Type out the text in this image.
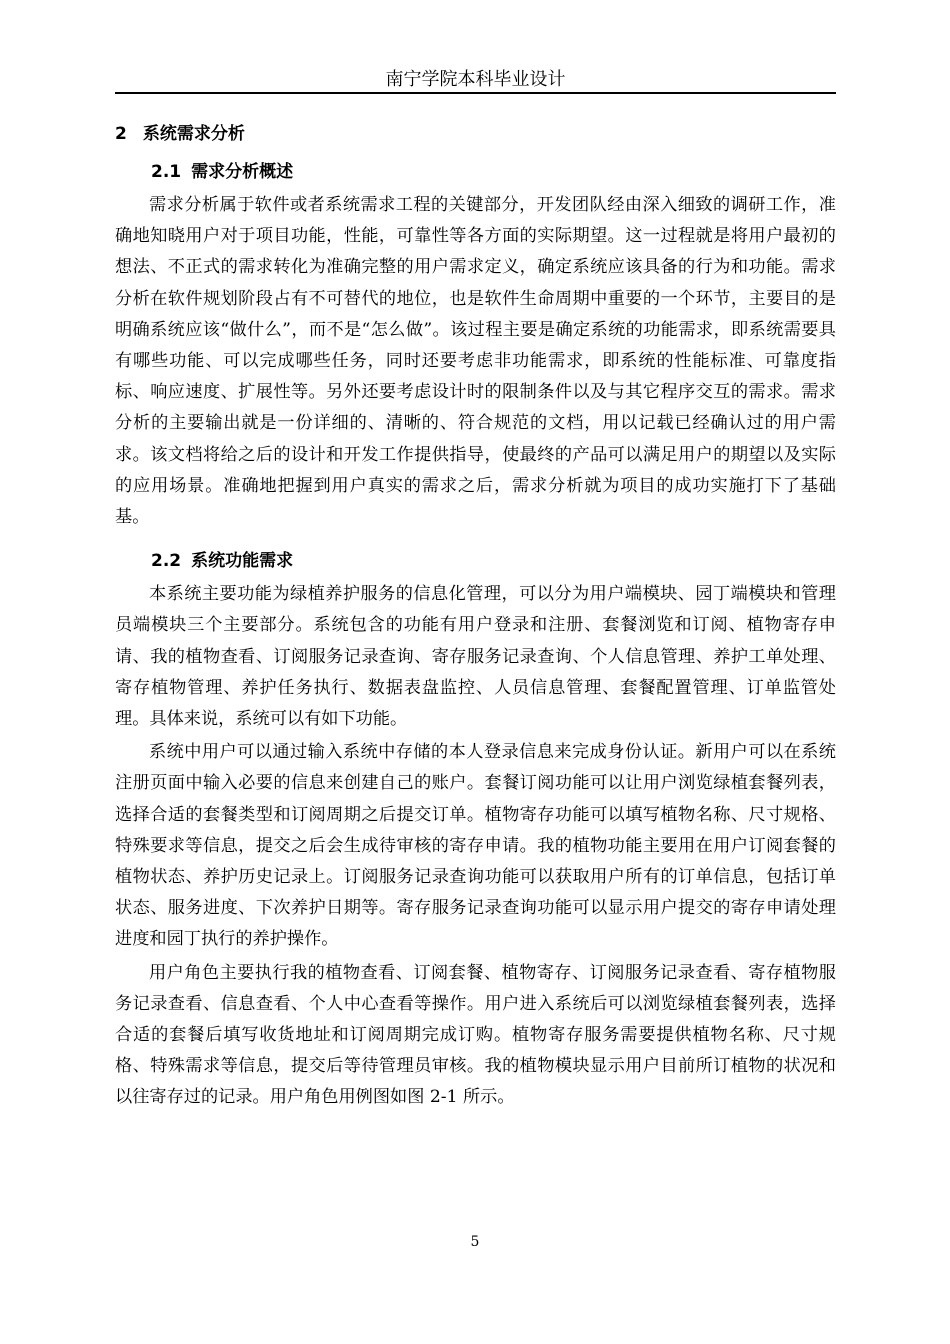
南宁学院本科毕业设计
2 系统需求分析
2.1 需求分析概述

需求分析属于软件或者系统需求工程的关键部分，开发团队经由深入细致的调研工作，准确地知晓用户对于项目功能，性能，可靠性等各方面的实际期望。这一过程就是将用户最初的想法、不正式的需求转化为准确完整的用户需求定义，确定系统应该具备的行为和功能。需求分析在软件规划阶段占有不可替代的地位，也是软件生命周期中重要的一个环节，主要目的是明确系统应该“做什么”，而不是“怎么做”。该过程主要是确定系统的功能需求，即系统需要具有哪些功能、可以完成哪些任务，同时还要考虑非功能需求，即系统的性能标准、可靠度指标、响应速度、扩展性等。另外还要考虑设计时的限制条件以及与其它程序交互的需求。需求分析的主要输出就是一份详细的、清晰的、符合规范的文档，用以记载已经确认过的用户需求。该文档将给之后的设计和开发工作提供指导，使最终的产品可以满足用户的期望以及实际的应用场景。准确地把握到用户真实的需求之后，需求分析就为项目的成功实施打下了基础基。

2.2 系统功能需求

本系统主要功能为绿植养护服务的信息化管理，可以分为用户端模块、园丁端模块和管理员端模块三个主要部分。系统包含的功能有用户登录和注册、套餐浏览和订阅、植物寄存申请、我的植物查看、订阅服务记录查询、寄存服务记录查询、个人信息管理、养护工单处理、寄存植物管理、养护任务执行、数据表盘监控、人员信息管理、套餐配置管理、订单监管处理。具体来说，系统可以有如下功能。

系统中用户可以通过输入系统中存储的本人登录信息来完成身份认证。新用户可以在系统注册页面中输入必要的信息来创建自己的账户。套餐订阅功能可以让用户浏览绿植套餐列表，选择合适的套餐类型和订阅周期之后提交订单。植物寄存功能可以填写植物名称、尺寸规格、特殊要求等信息，提交之后会生成待审核的寄存申请。我的植物功能主要用在用户订阅套餐的植物状态、养护历史记录上。订阅服务记录查询功能可以获取用户所有的订单信息，包括订单状态、服务进度、下次养护日期等。寄存服务记录查询功能可以显示用户提交的寄存申请处理进度和园丁执行的养护操作。

用户角色主要执行我的植物查看、订阅套餐、植物寄存、订阅服务记录查看、寄存植物服务记录查看、信息查看、个人中心查看等操作。用户进入系统后可以浏览绿植套餐列表，选择合适的套餐后填写收货地址和订阅周期完成订购。植物寄存服务需要提供植物名称、尺寸规格、特殊需求等信息，提交后等待管理员审核。我的植物模块显示用户目前所订植物的状况和以往寄存过的记录。用户角色用例图如图 2-1 所示。

5
